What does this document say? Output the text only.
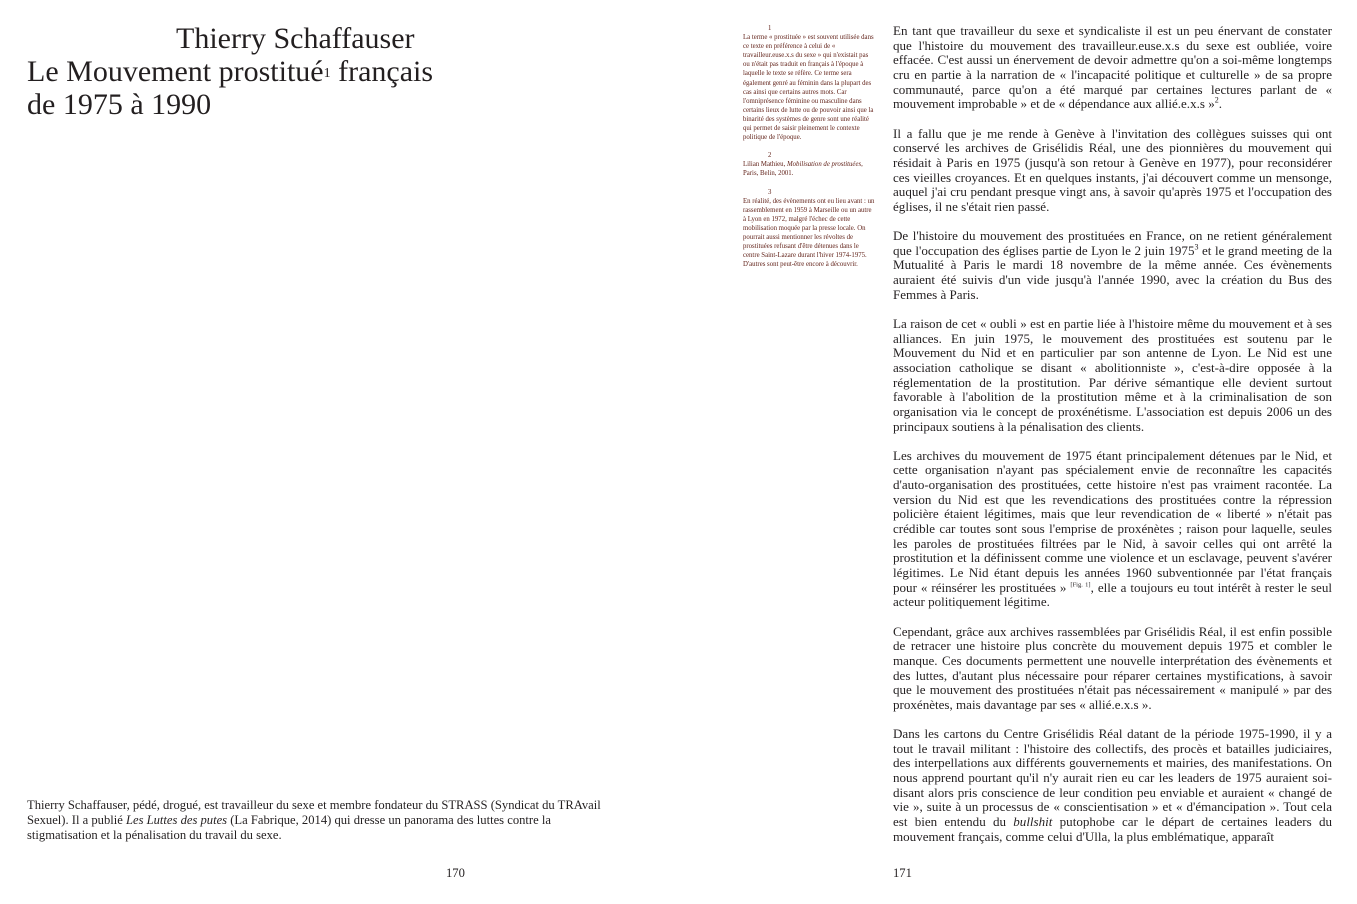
Thierry Schaffauser
Le Mouvement prostitué$^1$ français
de 1975 à 1990
Thierry Schaffauser, pédé, drogué, est travailleur du sexe et membre fondateur du STRASS (Syndicat du TRAvail Sexuel). Il a publié Les Luttes des putes (La Fabrique, 2014) qui dresse un panorama des luttes contre la stigmatisation et la pénalisation du travail du sexe.
170	171
1
La terme « prostituée » est souvent utilisée dans ce texte en préférence à celui de « travailleur.euse.x.s du sexe » qui n'existait pas ou n'était pas traduit en français à l'époque à laquelle le texte se réfère. Ce terme sera également genré au féminin dans la plupart des cas ainsi que certains autres mots. Car l'omniprésence féminine ou masculine dans certains lieux de lutte ou de pouvoir ainsi que la binarité des systèmes de genre sont une réalité qui permet de saisir pleinement le contexte politique de l'époque.
2
Lilian Mathieu, Mobilisation de prostituées, Paris, Belin, 2001.
3
En réalité, des évènements ont eu lieu avant : un rassemblement en 1959 à Marseille ou un autre à Lyon en 1972, malgré l'échec de cette mobilisation moquée par la presse locale. On pourrait aussi mentionner les révoltes de prostituées refusant d'être détenues dans le centre Saint-Lazare durant l'hiver 1974-1975. D'autres sont peut-être encore à découvrir.

En tant que travailleur du sexe et syndicaliste il est un peu énervant de constater que l'histoire du mouvement des travailleur.euse.x.s du sexe est oubliée, voire effacée. C'est aussi un énervement de devoir admettre qu'on a soi-même longtemps cru en partie à la narration de « l'incapacité politique et culturelle » de sa propre communauté, parce qu'on a été marqué par certaines lectures parlant de « mouvement improbable » et de « dépendance aux allié.e.x.s »$^2$.

Il a fallu que je me rende à Genève à l'invitation des collègues suisses qui ont conservé les archives de Grisélidis Réal, une des pionnières du mouvement qui résidait à Paris en 1975 (jusqu'à son retour à Genève en 1977), pour reconsidérer ces vieilles croyances. Et en quelques instants, j'ai découvert comme un mensonge, auquel j'ai cru pendant presque vingt ans, à savoir qu'après 1975 et l'occupation des églises, il ne s'était rien passé.

De l'histoire du mouvement des prostituées en France, on ne retient généralement que l'occupation des églises partie de Lyon le 2 juin 1975$^3$ et le grand meeting de la Mutualité à Paris le mardi 18 novembre de la même année. Ces évènements auraient été suivis d'un vide jusqu'à l'année 1990, avec la création du Bus des Femmes à Paris.

La raison de cet « oubli » est en partie liée à l'histoire même du mouvement et à ses alliances. En juin 1975, le mouvement des prostituées est soutenu par le Mouvement du Nid et en particulier par son antenne de Lyon. Le Nid est une association catholique se disant « abolitionniste », c'est-à-dire opposée à la réglementation de la prostitution. Par dérive sémantique elle devient surtout favorable à l'abolition de la prostitution même et à la criminalisation de son organisation via le concept de proxénétisme. L'association est depuis 2006 un des principaux soutiens à la pénalisation des clients.

Les archives du mouvement de 1975 étant principalement détenues par le Nid, et cette organisation n'ayant pas spécialement envie de reconnaître les capacités d'auto-organisation des prostituées, cette histoire n'est pas vraiment racontée. La version du Nid est que les revendications des prostituées contre la répression policière étaient légitimes, mais que leur revendication de « liberté » n'était pas crédible car toutes sont sous l'emprise de proxénètes ; raison pour laquelle, seules les paroles de prostituées filtrées par le Nid, à savoir celles qui ont arrêté la prostitution et la définissent comme une violence et un esclavage, peuvent s'avérer légitimes. Le Nid étant depuis les années 1960 subventionnée par l'état français pour « réinsérer les prostituées » [Fig. 1], elle a toujours eu tout intérêt à rester le seul acteur politiquement légitime.

Cependant, grâce aux archives rassemblées par Grisélidis Réal, il est enfin possible de retracer une histoire plus concrète du mouvement depuis 1975 et combler le manque. Ces documents permettent une nouvelle interprétation des évènements et des luttes, d'autant plus nécessaire pour réparer certaines mystifications, à savoir que le mouvement des prostituées n'était pas nécessairement « manipulé » par des proxénètes, mais davantage par ses « allié.e.x.s ».

Dans les cartons du Centre Grisélidis Réal datant de la période 1975-1990, il y a tout le travail militant : l'histoire des collectifs, des procès et batailles judiciaires, des interpellations aux différents gouvernements et mairies, des manifestations. On nous apprend pourtant qu'il n'y aurait rien eu car les leaders de 1975 auraient soi-disant alors pris conscience de leur condition peu enviable et auraient « changé de vie », suite à un processus de « conscientisation » et « d'émancipation ». Tout cela est bien entendu du bullshit putophobe car le départ de certaines leaders du mouvement français, comme celui d'Ulla, la plus emblématique, apparaît
